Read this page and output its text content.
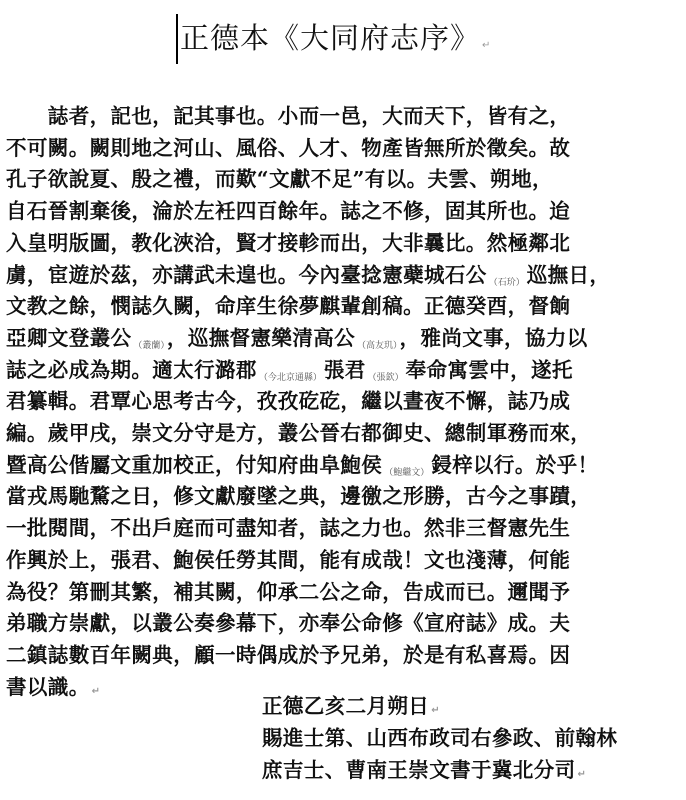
正德本《大同府志序》 ↵
　　誌者，記也，記其事也。小而一邑，大而天下，皆有之，
不可闕。闕則地之河山、風俗、人才、物產皆無所於徵矣。故
孔子欲說夏、殷之禮，而歎“文獻不足”有以。夫雲、朔地，
自石晉割棄後，淪於左衽四百餘年。誌之不修，固其所也。迨
入皇明版圖，教化浹洽，賢才接軫而出，大非曩比。然極鄰北
虜，宦遊於茲，亦講武未遑也。今內臺捻憲蘗城石公 （石玠）巡撫日，
文教之餘，憫誌久闕，命庠生徐夢麒輩創稿。正德癸酉，督餉
亞卿文登叢公 （叢蘭），巡撫督憲樂清高公 （高友玑），雅尚文事，協力以
誌之必成為期。適太行潞郡 （今北京通縣）張君 （張欽）奉命寓雲中，遂托
君纂輯。君覃心思考古今，孜孜矻矻，繼以晝夜不懈，誌乃成
編。歲甲戌，崇文分守是方，叢公晉右都御史、總制軍務而來，
暨高公偕屬文重加校正，付知府曲阜鮑侯 （鮑繼文）鋟梓以行。於乎！
當戎馬馳騖之日，修文獻廢墜之典，邊徼之形勝，古今之事蹟，
一批閱間，不出戶庭而可盡知者，誌之力也。然非三督憲先生
作興於上，張君、鮑侯任勞其間，能有成哉！文也淺薄，何能
為役？第刪其繁，補其闕，仰承二公之命，告成而已。邇聞予
弟職方崇獻，以叢公奏參幕下，亦奉公命修《宣府誌》成。夫
二鎮誌數百年闕典，顧一時偶成於予兄弟，於是有私喜焉。因
書以識。 ↵
正德乙亥二月朔日 ↵
賜進士第、山西布政司右參政、前翰林
庶吉士、曹南王崇文書于冀北分司 ↵
